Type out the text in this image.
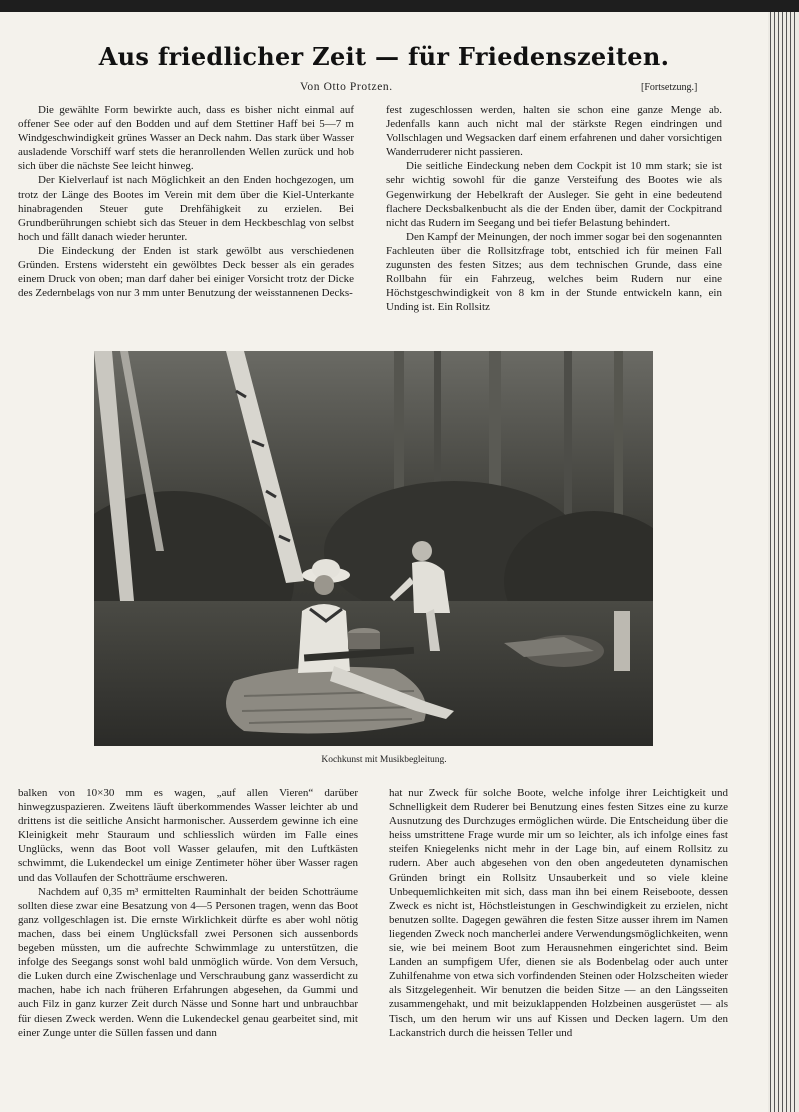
Aus friedlicher Zeit — für Friedenszeiten.

Von Otto Protzen.	[Fortsetzung.]

Die gewählte Form bewirkte auch, dass es bisher nicht einmal auf offener See oder auf den Bodden und auf dem Stettiner Haff bei 5—7 m Windgeschwindigkeit grünes Wasser an Deck nahm. Das stark über Wasser ausladende Vorschiff warf stets die heranrollenden Wellen zurück und hob sich über die nächste See leicht hinweg.

Der Kielverlauf ist nach Möglichkeit an den Enden hochgezogen, um trotz der Länge des Bootes im Verein mit dem über die Kiel-Unterkante hinabragenden Steuer gute Drehfähigkeit zu erzielen. Bei Grundberührungen schiebt sich das Steuer in dem Heckbeschlag von selbst hoch und fällt danach wieder herunter.

Die Eindeckung der Enden ist stark gewölbt aus verschiedenen Gründen. Erstens widersteht ein gewölbtes Deck besser als ein gerades einem Druck von oben; man darf daher bei einiger Vorsicht trotz der Dicke des Zedernbelags von nur 3 mm unter Benutzung der weisstannenen Decks-

fest zugeschlossen werden, halten sie schon eine ganze Menge ab. Jedenfalls kann auch nicht mal der stärkste Regen eindringen und Vollschlagen und Wegsacken darf einem erfahrenen und daher vorsichtigen Wanderruderer nicht passieren.

Die seitliche Eindeckung neben dem Cockpit ist 10 mm stark; sie ist sehr wichtig sowohl für die ganze Versteifung des Bootes wie als Gegenwirkung der Hebelkraft der Ausleger. Sie geht in eine bedeutend flachere Decksbalkenbucht als die der Enden über, damit der Cockpitrand nicht das Rudern im Seegang und bei tiefer Belastung behindert.

Den Kampf der Meinungen, der noch immer sogar bei den sogenannten Fachleuten über die Rollsitzfrage tobt, entschied ich für meinen Fall zugunsten des festen Sitzes; aus dem technischen Grunde, dass eine Rollbahn für ein Fahrzeug, welches beim Rudern nur eine Höchstgeschwindigkeit von 8 km in der Stunde entwickeln kann, ein Unding ist. Ein Rollsitz

Kochkunst mit Musikbegleitung.

balken von 10×30 mm es wagen, „auf allen Vieren“ darüber hinwegzuspazieren. Zweitens läuft überkommendes Wasser leichter ab und drittens ist die seitliche Ansicht harmonischer. Ausserdem gewinne ich eine Kleinigkeit mehr Stauraum und schliesslich würden im Falle eines Unglücks, wenn das Boot voll Wasser gelaufen, mit den Luftkästen schwimmt, die Lukendeckel um einige Zentimeter höher über Wasser ragen und das Vollaufen der Schotträume erschweren.

Nachdem auf 0,35 m³ ermittelten Rauminhalt der beiden Schotträume sollten diese zwar eine Besatzung von 4—5 Personen tragen, wenn das Boot ganz vollgeschlagen ist. Die ernste Wirklichkeit dürfte es aber wohl nötig machen, dass bei einem Unglücksfall zwei Personen sich aussenbords begeben müssten, um die aufrechte Schwimmlage zu unterstützen, die infolge des Seegangs sonst wohl bald unmöglich würde. Von dem Versuch, die Luken durch eine Zwischenlage und Verschraubung ganz wasserdicht zu machen, habe ich nach früheren Erfahrungen abgesehen, da Gummi und auch Filz in ganz kurzer Zeit durch Nässe und Sonne hart und unbrauchbar für diesen Zweck werden. Wenn die Lukendeckel genau gearbeitet sind, mit einer Zunge unter die Süllen fassen und dann

hat nur Zweck für solche Boote, welche infolge ihrer Leichtigkeit und Schnelligkeit dem Ruderer bei Benutzung eines festen Sitzes eine zu kurze Ausnutzung des Durchzuges ermöglichen würde. Die Entscheidung über die heiss umstrittene Frage wurde mir um so leichter, als ich infolge eines fast steifen Kniegelenks nicht mehr in der Lage bin, auf einem Rollsitz zu rudern. Aber auch abgesehen von den oben angedeuteten dynamischen Gründen bringt ein Rollsitz Unsauberkeit und so viele kleine Unbequemlichkeiten mit sich, dass man ihn bei einem Reiseboote, dessen Zweck es nicht ist, Höchstleistungen in Geschwindigkeit zu erzielen, nicht benutzen sollte. Dagegen gewähren die festen Sitze ausser ihrem im Namen liegenden Zweck noch mancherlei andere Verwendungsmöglichkeiten, wenn sie, wie bei meinem Boot zum Herausnehmen eingerichtet sind. Beim Landen an sumpfigem Ufer, dienen sie als Bodenbelag oder auch unter Zuhilfenahme von etwa sich vorfindenden Steinen oder Holzscheiten wieder als Sitzgelegenheit. Wir benutzen die beiden Sitze — an den Längsseiten zusammengehakt, und mit beizuklappenden Holzbeinen ausgerüstet — als Tisch, um den herum wir uns auf Kissen und Decken lagern. Um den Lackanstrich durch die heissen Teller und
